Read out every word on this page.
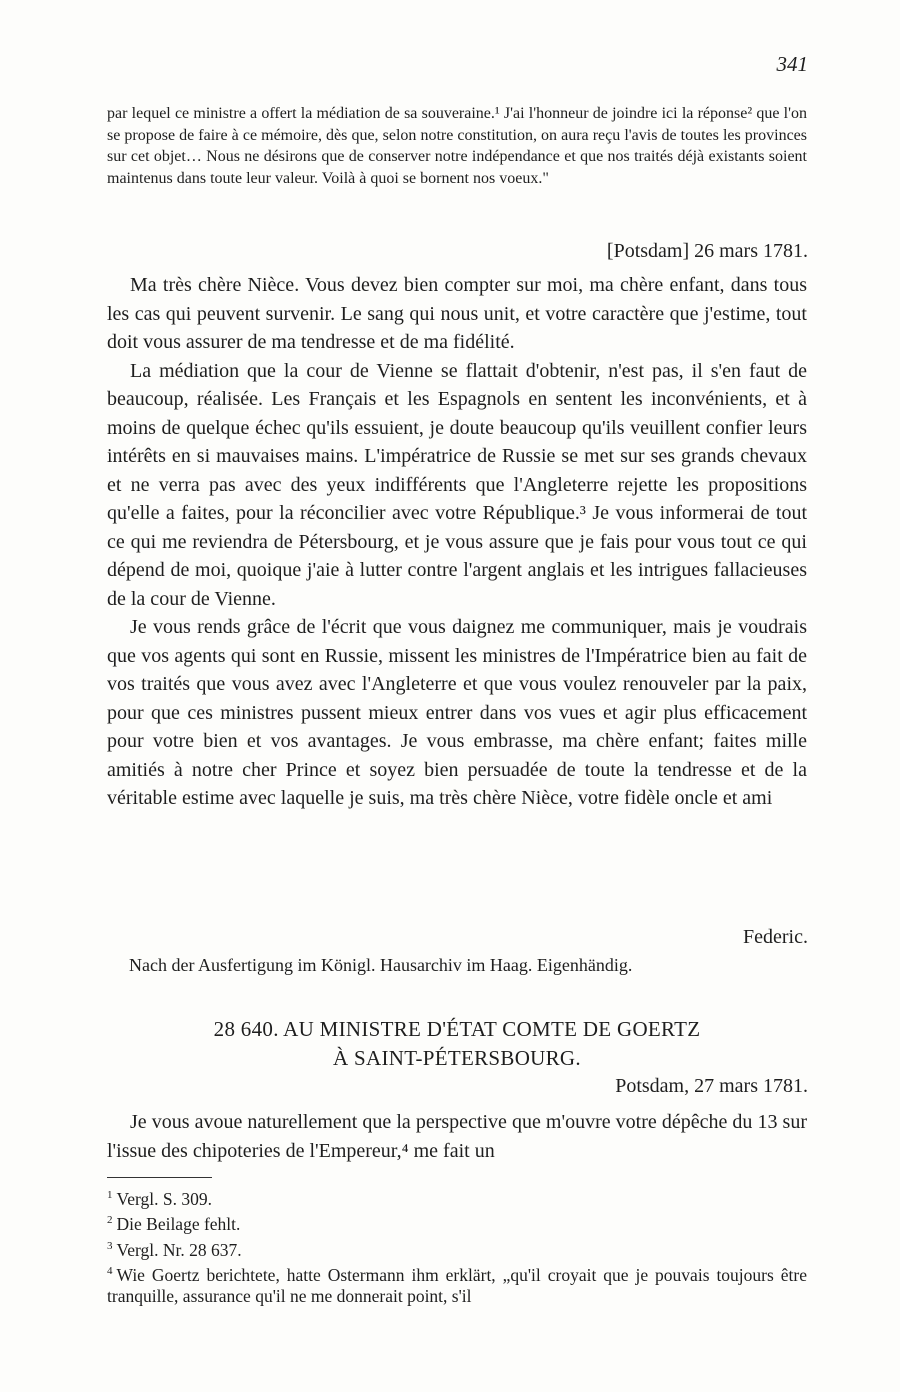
341

par lequel ce ministre a offert la médiation de sa souveraine.¹ J'ai l'honneur de joindre ici la réponse² que l'on se propose de faire à ce mémoire, dès que, selon notre constitution, on aura reçu l'avis de toutes les provinces sur cet objet… Nous ne désirons que de conserver notre indépendance et que nos traités déjà existants soient maintenus dans toute leur valeur. Voilà à quoi se bornent nos voeux."

[Potsdam] 26 mars 1781.

Ma très chère Nièce. Vous devez bien compter sur moi, ma chère enfant, dans tous les cas qui peuvent survenir. Le sang qui nous unit, et votre caractère que j'estime, tout doit vous assurer de ma tendresse et de ma fidélité.

La médiation que la cour de Vienne se flattait d'obtenir, n'est pas, il s'en faut de beaucoup, réalisée. Les Français et les Espagnols en sentent les inconvénients, et à moins de quelque échec qu'ils essuient, je doute beaucoup qu'ils veuillent confier leurs intérêts en si mauvaises mains. L'impératrice de Russie se met sur ses grands chevaux et ne verra pas avec des yeux indifférents que l'Angleterre rejette les propositions qu'elle a faites, pour la réconcilier avec votre République.³ Je vous informerai de tout ce qui me reviendra de Pétersbourg, et je vous assure que je fais pour vous tout ce qui dépend de moi, quoique j'aie à lutter contre l'argent anglais et les intrigues fallacieuses de la cour de Vienne.

Je vous rends grâce de l'écrit que vous daignez me communiquer, mais je voudrais que vos agents qui sont en Russie, missent les ministres de l'Impératrice bien au fait de vos traités que vous avez avec l'Angleterre et que vous voulez renouveler par la paix, pour que ces ministres pussent mieux entrer dans vos vues et agir plus efficacement pour votre bien et vos avantages. Je vous embrasse, ma chère enfant; faites mille amitiés à notre cher Prince et soyez bien persuadée de toute la tendresse et de la véritable estime avec laquelle je suis, ma très chère Nièce, votre fidèle oncle et ami

Federic.
Nach der Ausfertigung im Königl. Hausarchiv im Haag. Eigenhändig.
28 640. AU MINISTRE D'ÉTAT COMTE DE GOERTZ
À SAINT-PÉTERSBOURG.
Potsdam, 27 mars 1781.

Je vous avoue naturellement que la perspective que m'ouvre votre dépêche du 13 sur l'issue des chipoteries de l'Empereur,⁴ me fait un

$^1$ Vergl. S. 309.
$^2$ Die Beilage fehlt.
$^3$ Vergl. Nr. 28 637.
$^4$ Wie Goertz berichtete, hatte Ostermann ihm erklärt, „qu'il croyait que je pouvais toujours être tranquille, assurance qu'il ne me donnerait point, s'il
